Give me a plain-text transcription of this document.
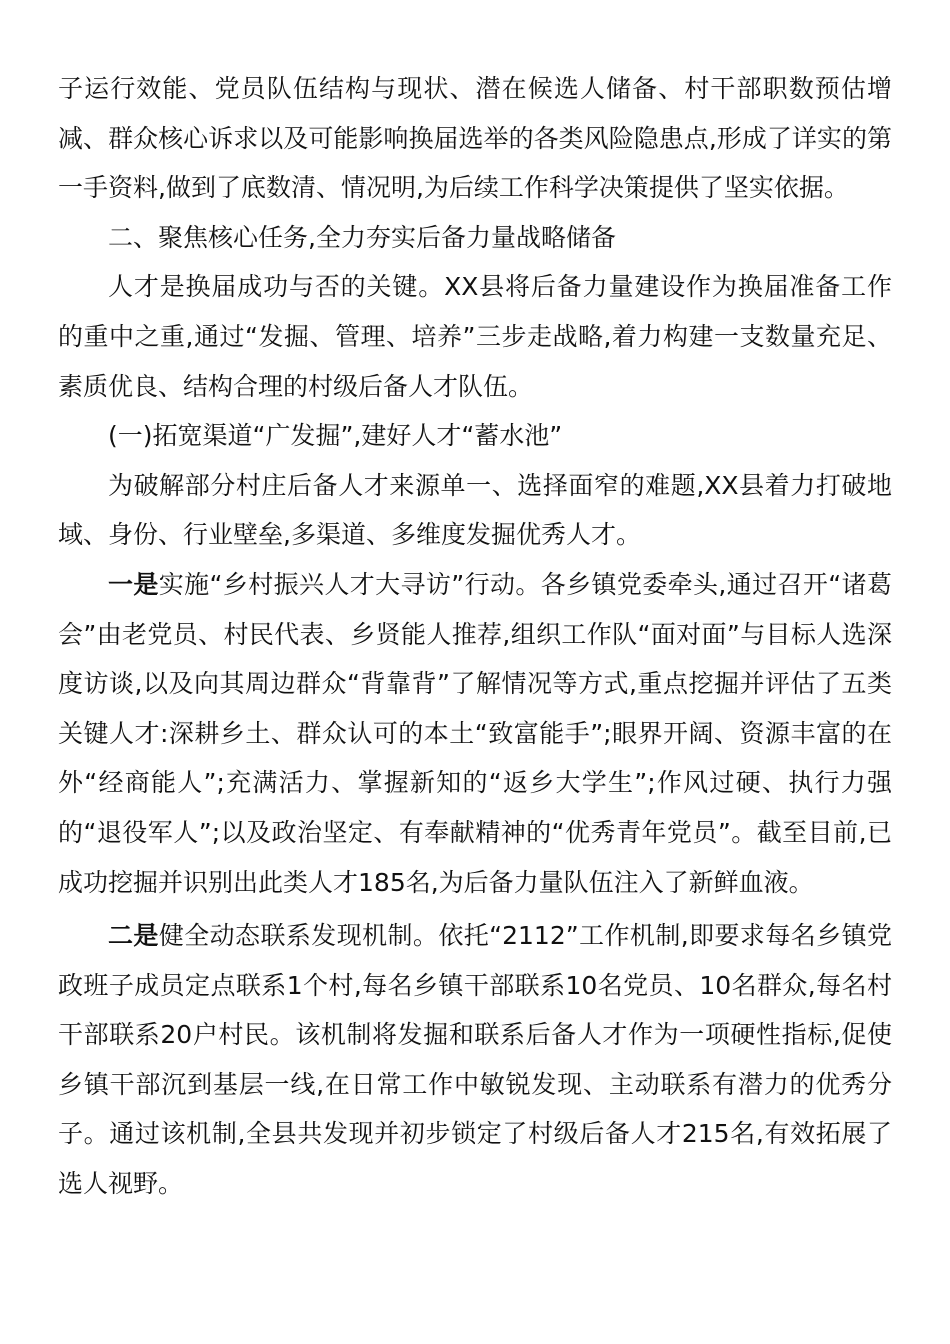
子运行效能、党员队伍结构与现状、潜在候选人储备、村干部职数预估增减、群众核心诉求以及可能影响换届选举的各类风险隐患点,形成了详实的第一手资料,做到了底数清、情况明,为后续工作科学决策提供了坚实依据。

二、聚焦核心任务,全力夯实后备力量战略储备

人才是换届成功与否的关键。XX县将后备力量建设作为换届准备工作的重中之重,通过“发掘、管理、培养”三步走战略,着力构建一支数量充足、素质优良、结构合理的村级后备人才队伍。

(一)拓宽渠道“广发掘”,建好人才“蓄水池”

为破解部分村庄后备人才来源单一、选择面窄的难题,XX县着力打破地域、身份、行业壁垒,多渠道、多维度发掘优秀人才。

一是实施“乡村振兴人才大寻访”行动。各乡镇党委牵头,通过召开“诸葛会”由老党员、村民代表、乡贤能人推荐,组织工作队“面对面”与目标人选深度访谈,以及向其周边群众“背靠背”了解情况等方式,重点挖掘并评估了五类关键人才:深耕乡土、群众认可的本土“致富能手”;眼界开阔、资源丰富的在外“经商能人”;充满活力、掌握新知的“返乡大学生”;作风过硬、执行力强的“退役军人”;以及政治坚定、有奉献精神的“优秀青年党员”。截至目前,已成功挖掘并识别出此类人才185名,为后备力量队伍注入了新鲜血液。

二是健全动态联系发现机制。依托“2112”工作机制,即要求每名乡镇党政班子成员定点联系1个村,每名乡镇干部联系10名党员、10名群众,每名村干部联系20户村民。该机制将发掘和联系后备人才作为一项硬性指标,促使乡镇干部沉到基层一线,在日常工作中敏锐发现、主动联系有潜力的优秀分子。通过该机制,全县共发现并初步锁定了村级后备人才215名,有效拓展了选人视野。
